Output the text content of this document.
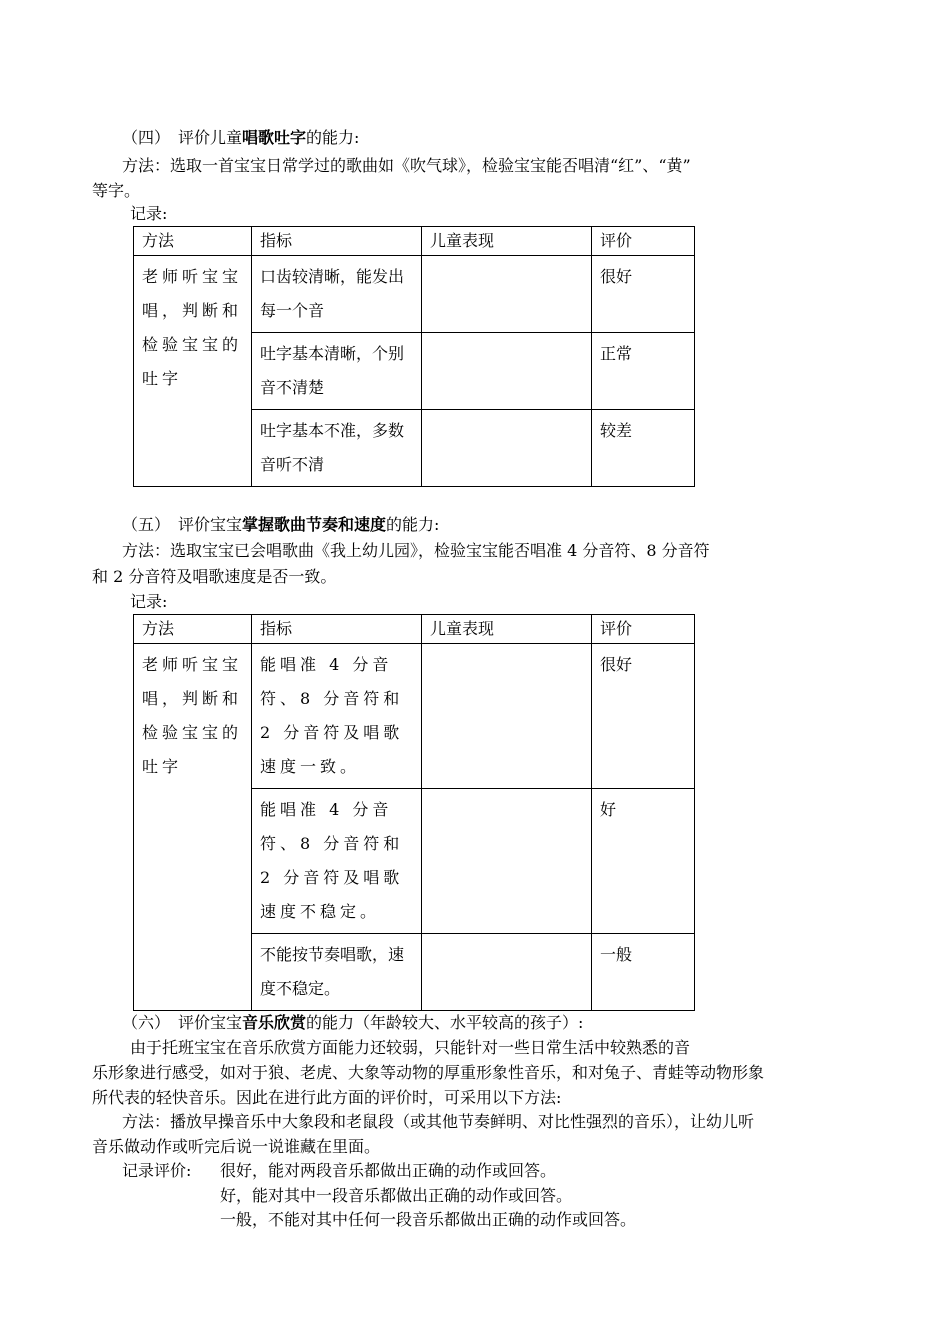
（四）　评价儿童唱歌吐字的能力:
方法：选取一首宝宝日常学过的歌曲如《吹气球》，检验宝宝能否唱清“红”、“黄”
等字。
记录:
方法	指标	儿童表现	评价
老师听宝宝唱，判断和检验宝宝的吐字	口齿较清晰，能发出每一个音		很好
	吐字基本清晰，个别音不清楚		正常
	吐字基本不准，多数音听不清		较差
（五）　评价宝宝掌握歌曲节奏和速度的能力:
方法：选取宝宝已会唱歌曲《我上幼儿园》，检验宝宝能否唱准 4 分音符、8 分音符
和 2 分音符及唱歌速度是否一致。
记录:
方法	指标	儿童表现	评价
老师听宝宝唱，判断和检验宝宝的吐字	能唱准 4 分音符、8 分音符和 2 分音符及唱歌速度一致。		很好
	能唱准 4 分音符、8 分音符和 2 分音符及唱歌速度不稳定。		好
	不能按节奏唱歌，速度不稳定。		一般
（六）　评价宝宝音乐欣赏的能力（年龄较大、水平较高的孩子）:
由于托班宝宝在音乐欣赏方面能力还较弱，只能针对一些日常生活中较熟悉的音
乐形象进行感受，如对于狼、老虎、大象等动物的厚重形象性音乐，和对兔子、青蛙等动物形象
所代表的轻快音乐。因此在进行此方面的评价时，可采用以下方法:
方法：播放早操音乐中大象段和老鼠段（或其他节奏鲜明、对比性强烈的音乐），让幼儿听
音乐做动作或听完后说一说谁藏在里面。
记录评价: 很好，能对两段音乐都做出正确的动作或回答。
好，能对其中一段音乐都做出正确的动作或回答。
一般，不能对其中任何一段音乐都做出正确的动作或回答。
